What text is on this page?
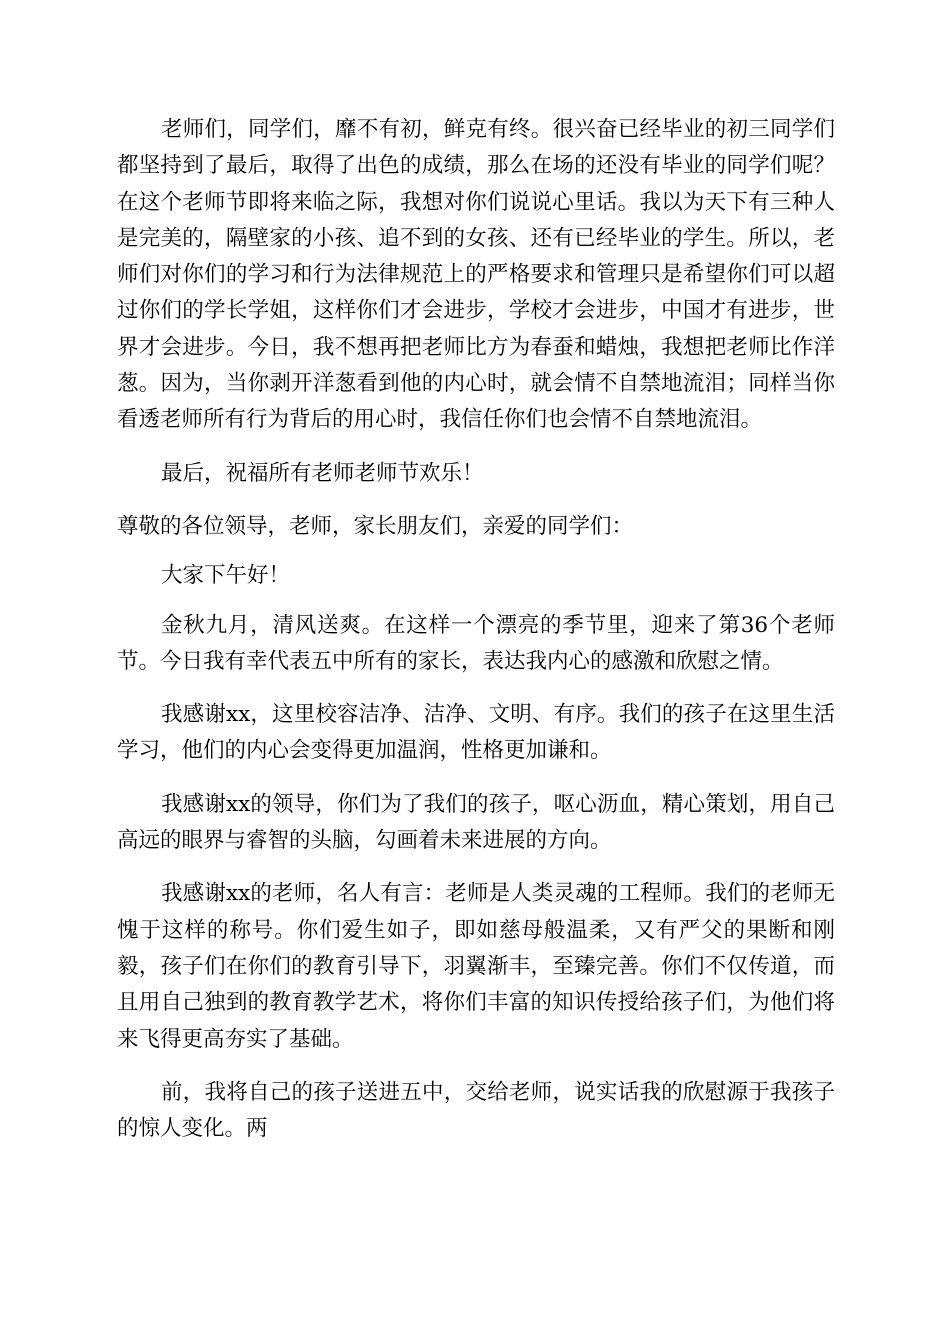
老师们，同学们，靡不有初，鲜克有终。很兴奋已经毕业的初三同学们都坚持到了最后，取得了出色的成绩，那么在场的还没有毕业的同学们呢？在这个老师节即将来临之际，我想对你们说说心里话。我以为天下有三种人是完美的，隔壁家的小孩、追不到的女孩、还有已经毕业的学生。所以，老师们对你们的学习和行为法律规范上的严格要求和管理只是希望你们可以超过你们的学长学姐，这样你们才会进步，学校才会进步，中国才有进步，世界才会进步。今日，我不想再把老师比方为春蚕和蜡烛，我想把老师比作洋葱。因为，当你剥开洋葱看到他的内心时，就会情不自禁地流泪；同样当你看透老师所有行为背后的用心时，我信任你们也会情不自禁地流泪。

最后，祝福所有老师老师节欢乐！

尊敬的各位领导，老师，家长朋友们，亲爱的同学们：

大家下午好！

金秋九月，清风送爽。在这样一个漂亮的季节里，迎来了第36个老师节。今日我有幸代表五中所有的家长，表达我内心的感激和欣慰之情。

我感谢xx，这里校容洁净、洁净、文明、有序。我们的孩子在这里生活学习，他们的内心会变得更加温润，性格更加谦和。

我感谢xx的领导，你们为了我们的孩子，呕心沥血，精心策划，用自己高远的眼界与睿智的头脑，勾画着未来进展的方向。

我感谢xx的老师，名人有言：老师是人类灵魂的工程师。我们的老师无愧于这样的称号。你们爱生如子，即如慈母般温柔，又有严父的果断和刚毅，孩子们在你们的教育引导下，羽翼渐丰，至臻完善。你们不仅传道，而且用自己独到的教育教学艺术，将你们丰富的知识传授给孩子们，为他们将来飞得更高夯实了基础。

前，我将自己的孩子送进五中，交给老师，说实话我的欣慰源于我孩子的惊人变化。两
